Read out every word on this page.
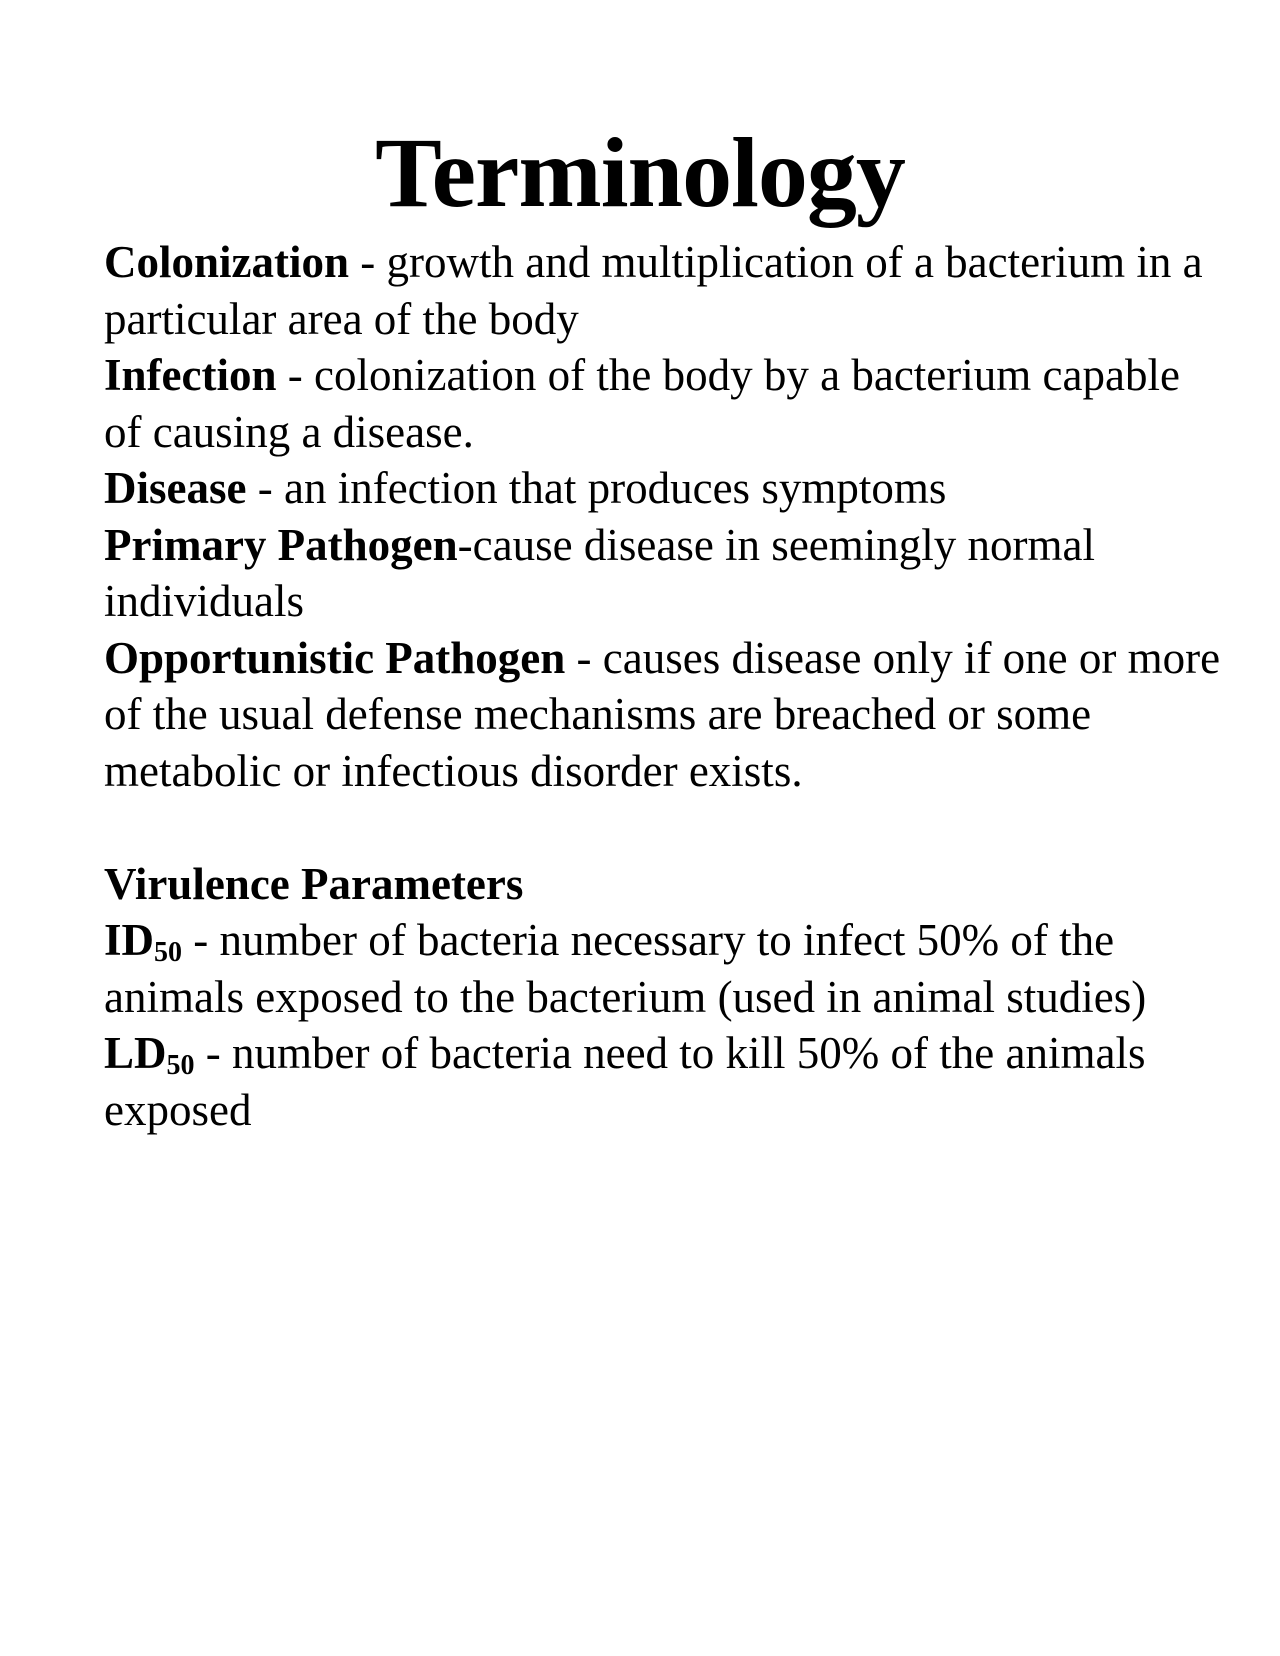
Terminology

Colonization - growth and multiplication of a bacterium in a particular area of the body

Infection - colonization of the body by a bacterium capable of causing a disease.

Disease - an infection that produces symptoms

Primary Pathogen-cause disease in seemingly normal individuals

Opportunistic Pathogen - causes disease only if one or more of the usual defense mechanisms are breached or some metabolic or infectious disorder exists.

Virulence Parameters

$ID_{50}$ - number of bacteria necessary to infect 50% of the animals exposed to the bacterium (used in animal studies)

$LD_{50}$ - number of bacteria need to kill 50% of the animals exposed
